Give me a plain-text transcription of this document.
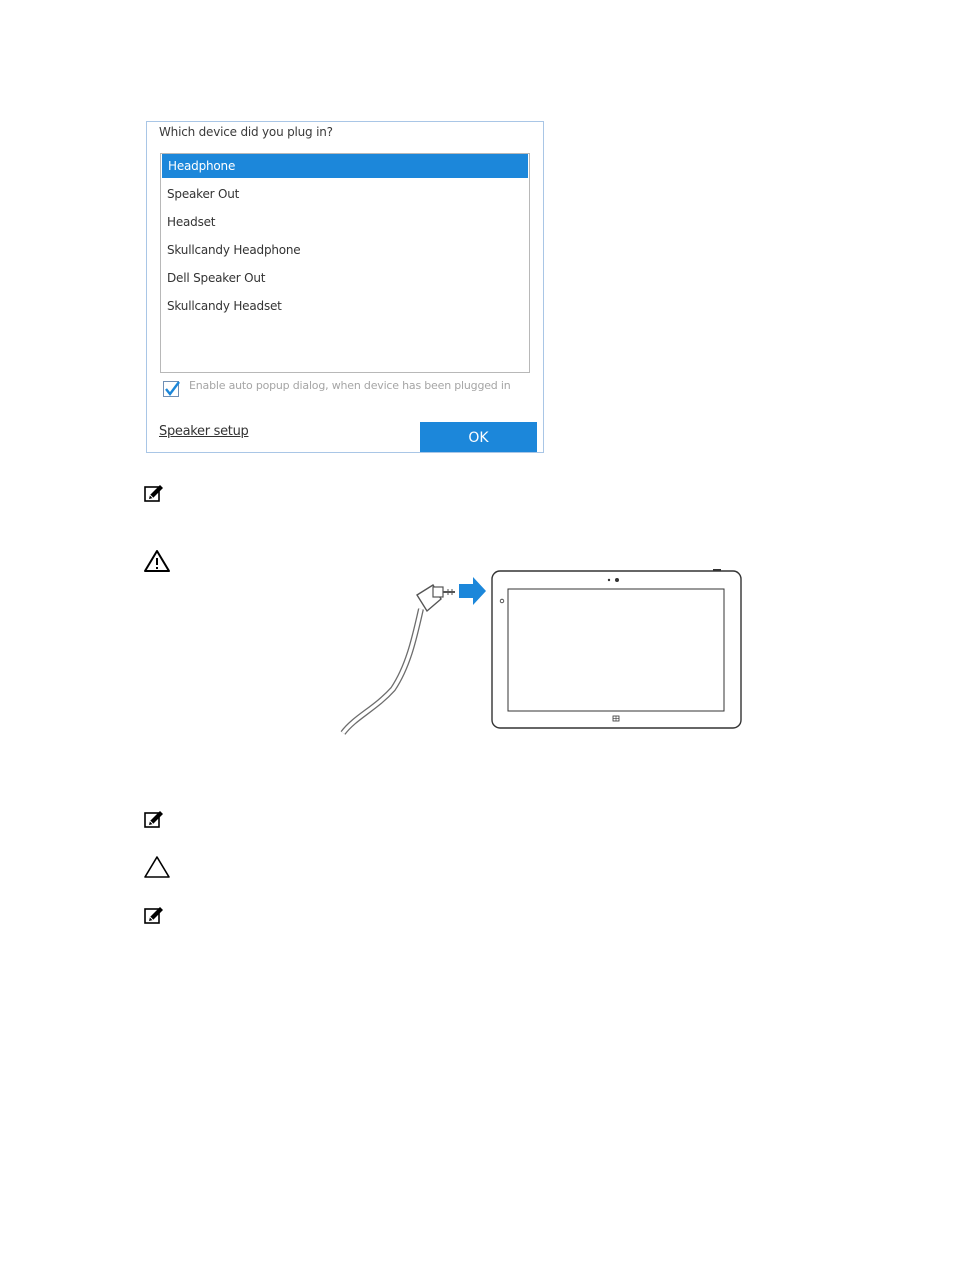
Which device did you plug in?
Headphone
Speaker Out
Headset
Skullcandy Headphone
Dell Speaker Out
Skullcandy Headset
Enable auto popup dialog, when device has been plugged in
Speaker setup	OK
